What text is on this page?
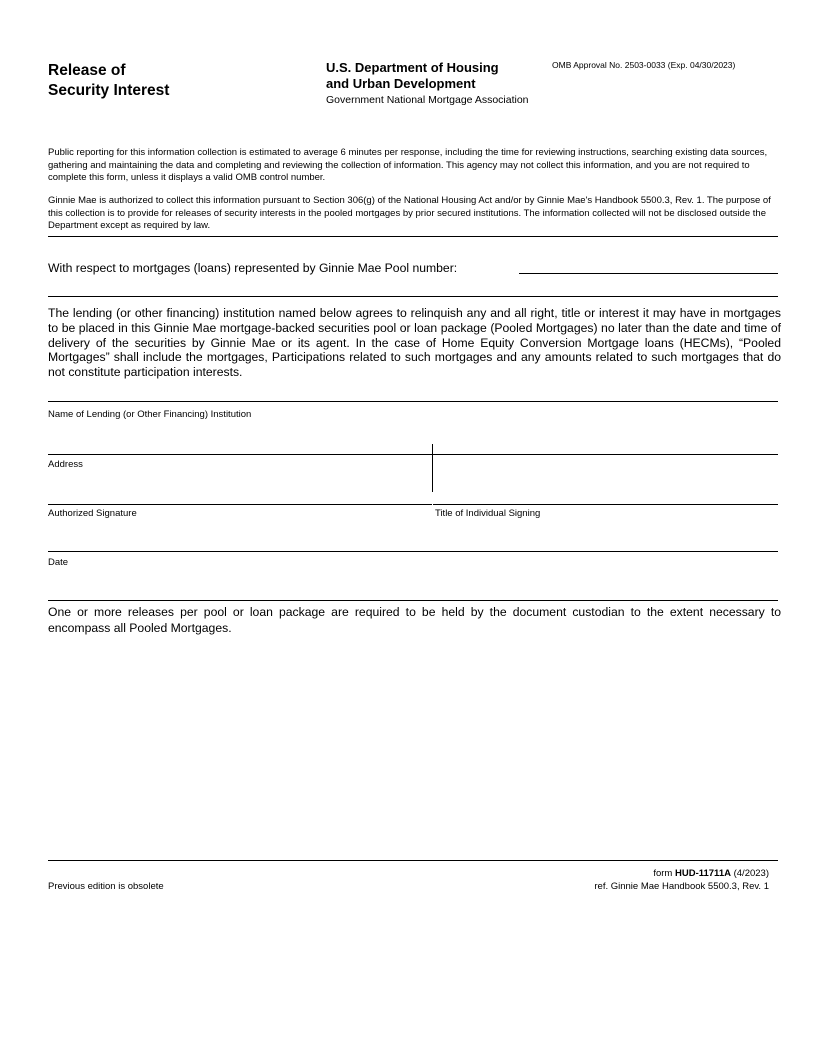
Release of
Security Interest
U.S. Department of Housing
and Urban Development
Government National Mortgage Association
OMB Approval No. 2503-0033 (Exp. 04/30/2023)
Public reporting for this information collection is estimated to average 6 minutes per response, including the time for reviewing instructions, searching existing data sources, gathering and maintaining the data and completing and reviewing the collection of information. This agency may not collect this information, and you are not required to complete this form, unless it displays a valid OMB control number.
Ginnie Mae is authorized to collect this information pursuant to Section 306(g) of the National Housing Act and/or by Ginnie Mae's Handbook 5500.3, Rev. 1. The purpose of this collection is to provide for releases of security interests in the pooled mortgages by prior secured institutions. The information collected will not be disclosed outside the Department except as required by law.
With respect to mortgages (loans) represented by Ginnie Mae Pool number:
The lending (or other financing) institution named below agrees to relinquish any and all right, title or interest it may have in mortgages to be placed in this Ginnie Mae mortgage-backed securities pool or loan package (Pooled Mortgages) no later than the date and time of delivery of the securities by Ginnie Mae or its agent. In the case of Home Equity Conversion Mortgage loans (HECMs), “Pooled Mortgages” shall include the mortgages, Participations related to such mortgages and any amounts related to such mortgages that do not constitute participation interests.
Name of Lending (or Other Financing) Institution
Address
Authorized Signature	Title of Individual Signing
Date
One or more releases per pool or loan package are required to be held by the document custodian to the extent necessary to encompass all Pooled Mortgages.
Previous edition is obsolete
form HUD-11711A (4/2023)
ref. Ginnie Mae Handbook 5500.3, Rev. 1
